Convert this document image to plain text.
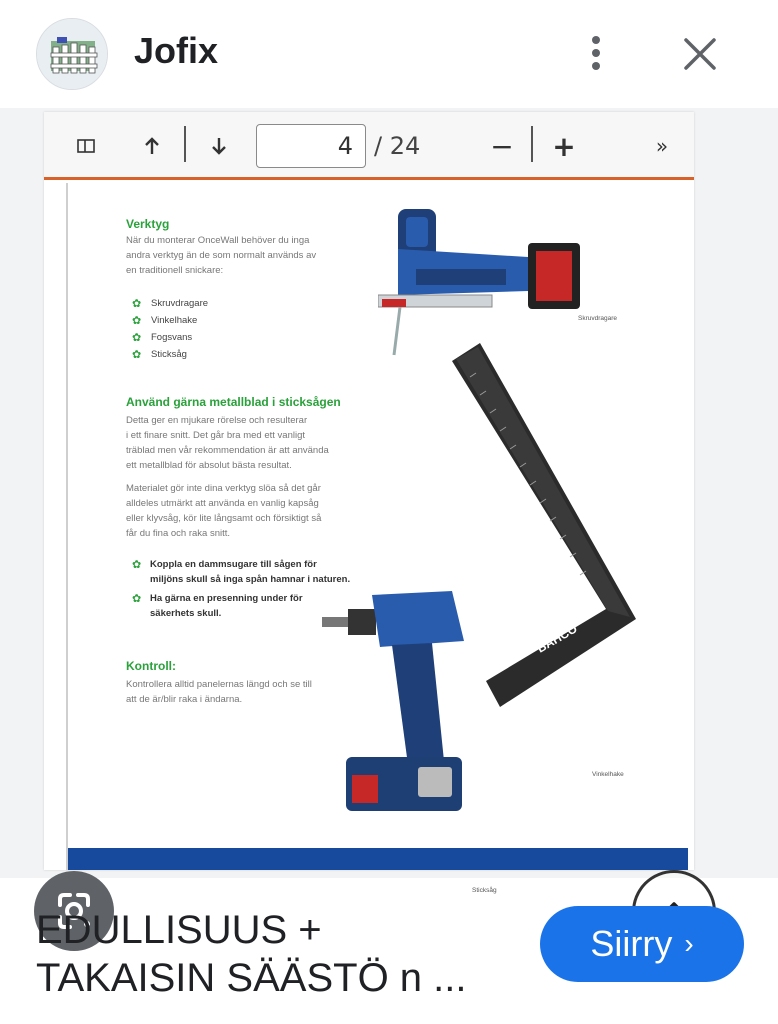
Jofix
4 / 24	− +	»
Verktyg
När du monterar OnceWall behöver du inga
andra verktyg än de som normalt används av
en traditionell snickare:
✿ Skruvdragare
✿ Vinkelhake
✿ Fogsvans
✿ Sticksåg
Använd gärna metallblad i sticksågen
Detta ger en mjukare rörelse och resulterar
i ett finare snitt. Det går bra med ett vanligt
träblad men vår rekommendation är att använda
ett metallblad för absolut bästa resultat.
Materialet gör inte dina verktyg slöa så det går
alldeles utmärkt att använda en vanlig kapsåg
eller klyvsåg, kör lite långsamt och försiktigt så
får du fina och raka snitt.
✿ Koppla en dammsugare till sågen för
miljöns skull så inga spån hamnar i naturen.
✿ Ha gärna en presenning under för
säkerhets skull.
Kontroll:
Kontrollera alltid panelernas längd och se till
att de är/blir raka i ändarna.
Skruvdragare
BAHCO
Vinkelhake
Sticksåg
EDULLISUUS +
TAKAISIN SÄÄSTÖ n ...
Siirry ›
